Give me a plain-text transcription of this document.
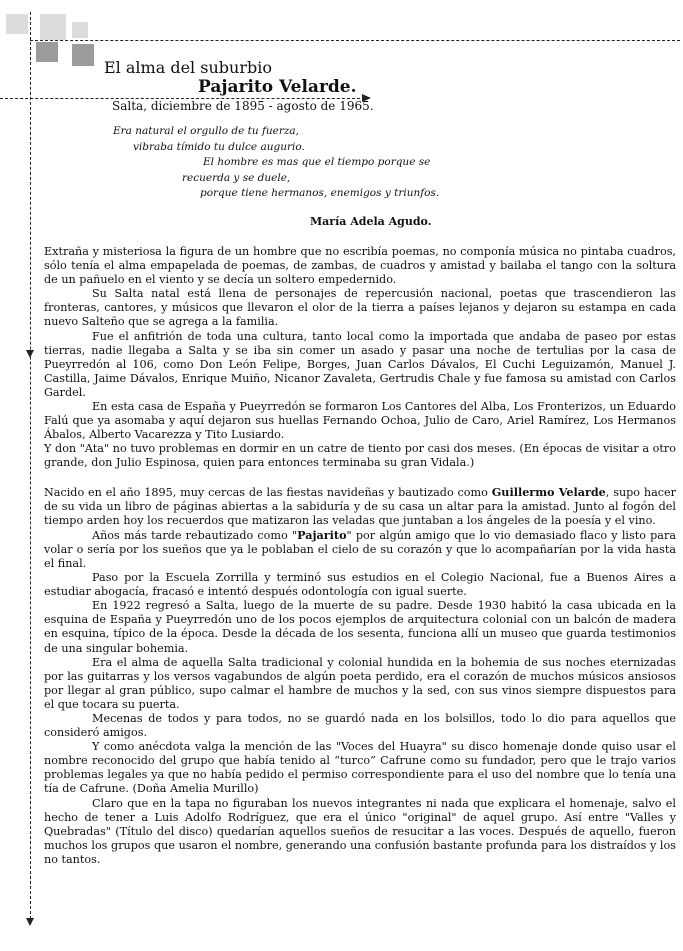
El alma del suburbio
Pajarito Velarde.
Salta, diciembre de 1895 - agosto de 1965.
Era natural el orgullo de tu fuerza,
vibraba tímido tu dulce augurio.
El hombre es mas que el tiempo porque se
recuerda y se duele,
porque tiene hermanos, enemigos y triunfos.
María Adela Agudo.

Extraña y misteriosa la figura de un hombre que no escribía poemas, no componía música no pintaba cuadros, sólo tenía el alma empapelada de poemas, de zambas, de cuadros y amistad y bailaba el tango con la soltura de un pañuelo en el viento y se decía un soltero empedernido.

Su Salta natal está llena de personajes de repercusión nacional, poetas que trascendieron las fronteras, cantores, y músicos que llevaron el olor de la tierra a países lejanos y dejaron su estampa en cada nuevo Salteño que se agrega a la familia.

Fue el anfitrión de toda una cultura, tanto local como la importada que andaba de paseo por estas tierras, nadie llegaba a Salta y se iba sin comer un asado y pasar una noche de tertulias por la casa de Pueyrredón al 106, como Don León Felipe, Borges, Juan Carlos Dávalos, El Cuchi Leguizamón, Manuel J. Castilla, Jaime Dávalos, Enrique Muiño, Nicanor Zavaleta, Gertrudis Chale y fue famosa su amistad con Carlos Gardel.

En esta casa de España y Pueyrredón se formaron Los Cantores del Alba, Los Fronterizos, un Eduardo Falú que ya asomaba y aquí dejaron sus huellas Fernando Ochoa, Julio de Caro, Ariel Ramírez, Los Hermanos Ábalos, Alberto Vacarezza y Tito Lusiardo.

Y don "Ata" no tuvo problemas en dormir en un catre de tiento por casi dos meses. (En épocas de visitar a otro grande, don Julio Espinosa, quien para entonces terminaba su gran Vidala.)

Nacido en el año 1895, muy cercas de las fiestas navideñas y bautizado como Guillermo Velarde, supo hacer de su vida un libro de páginas abiertas a la sabiduría y de su casa un altar para la amistad. Junto al fogón del tiempo arden hoy los recuerdos que matizaron las veladas que juntaban a los ángeles de la poesía y el vino.

Años más tarde rebautizado como "Pajarito" por algún amigo que lo vio demasiado flaco y listo para volar o sería por los sueños que ya le poblaban el cielo de su corazón y que lo acompañarían por la vida hasta el final.

Paso por la Escuela Zorrilla y terminó sus estudios en el Colegio Nacional, fue a Buenos Aires a estudiar abogacía, fracasó e intentó después odontología con igual suerte.

En 1922 regresó a Salta, luego de la muerte de su padre. Desde 1930 habitó la casa ubicada en la esquina de España y Pueyrredón uno de los pocos ejemplos de arquitectura colonial con un balcón de madera en esquina, típico de la época. Desde la década de los sesenta, funciona allí un museo que guarda testimonios de una singular bohemia.

Era el alma de aquella Salta tradicional y colonial hundida en la bohemia de sus noches eternizadas por las guitarras y los versos vagabundos de algún poeta perdido, era el corazón de muchos músicos ansiosos por llegar al gran público, supo calmar el hambre de muchos y la sed, con sus vinos siempre dispuestos para el que tocara su puerta.

Mecenas de todos y para todos, no se guardó nada en los bolsillos, todo lo dio para aquellos que consideró amigos.

Y como anécdota valga la mención de las "Voces del Huayra" su disco homenaje donde quiso usar el nombre reconocido del grupo que había tenido al “turco” Cafrune como su fundador, pero que le trajo varios problemas legales ya que no había pedido el permiso correspondiente para el uso del nombre que lo tenía una tía de Cafrune. (Doña Amelia Murillo)

Claro que en la tapa no figuraban los nuevos integrantes ni nada que explicara el homenaje, salvo el hecho de tener a Luis Adolfo Rodríguez, que era el único "original" de aquel grupo. Así entre "Valles y Quebradas" (Título del disco) quedarían aquellos sueños de resucitar a las voces. Después de aquello, fueron muchos los grupos que usaron el nombre, generando una confusión bastante profunda para los distraídos y los no tantos.
